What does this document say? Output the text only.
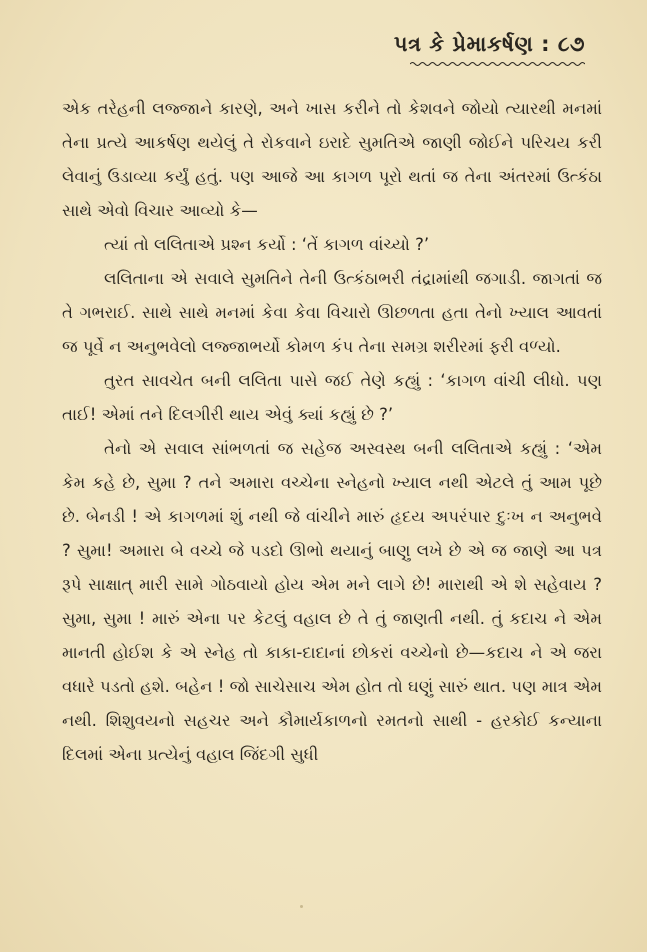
પત્ર કે પ્રેમાકર્ષણ : ૮૭

એક તરેહની લજ્જાને કારણે, અને ખાસ કરીને તો કેશવને જોયો ત્યારથી મનમાં તેના પ્રત્યે આકર્ષણ થયેલું તે રોકવાને ઇરાદે સુમતિએ જાણી જોઈને પરિચય કરી લેવાનું ઉડાવ્યા કર્યું હતું. પણ આજે આ કાગળ પૂરો થતાં જ તેના અંતરમાં ઉત્કંઠા સાથે એવો વિચાર આવ્યો કે—

ત્યાં તો લલિતાએ પ્રશ્ન કર્યો : ‘તેં કાગળ વાંચ્યો ?’

લલિતાના એ સવાલે સુમતિને તેની ઉત્કંઠાભરી તંદ્રામાંથી જગાડી. જાગતાં જ તે ગભરાઈ. સાથે સાથે મનમાં કેવા કેવા વિચારો ઊછળતા હતા તેનો ખ્યાલ આવતાં જ પૂર્વે ન અનુભવેલો લજ્જાભર્યો કોમળ કંપ તેના સમગ્ર શરીરમાં ફરી વળ્યો.

તુરત સાવચેત બની લલિતા પાસે જઈ તેણે કહ્યું : ‘કાગળ વાંચી લીધો. પણ તાઈ! એમાં તને દિલગીરી થાય એવું ક્યાં કહ્યું છે ?’

તેનો એ સવાલ સાંભળતાં જ સહેજ અસ્વસ્થ બની લલિતાએ કહ્યું : ‘એમ કેમ કહે છે, સુમા ? તને અમારા વચ્ચેના સ્નેહનો ખ્યાલ નથી એટલે તું આમ પૂછે છે. બેનડી ! એ કાગળમાં શું નથી જે વાંચીને મારું હૃદય અપરંપાર દુઃખ ન અનુભવે ? સુમા! અમારા બે વચ્ચે જે પડદો ઊભો થયાનું બાણુ લખે છે એ જ જાણે આ પત્ર રૂપે સાક્ષાત્ મારી સામે ગોઠવાયો હોય એમ મને લાગે છે! મારાથી એ શે સહેવાય ? સુમા, સુમા ! મારું એના પર કેટલું વહાલ છે તે તું જાણતી નથી. તું કદાચ ને એમ માનતી હોઈશ કે એ સ્નેહ તો કાકા-દાદાનાં છોકરાં વચ્ચેનો છે—કદાચ ને એ જરા વધારે પડતો હશે. બહેન ! જો સાચેસાચ એમ હોત તો ઘણું સારું થાત. પણ માત્ર એમ નથી. શિશુવયનો સહચર અને કૌમાર્યકાળનો રમતનો સાથી - હરકોઈ કન્યાના દિલમાં એના પ્રત્યેનું વહાલ જિંદગી સુધી
